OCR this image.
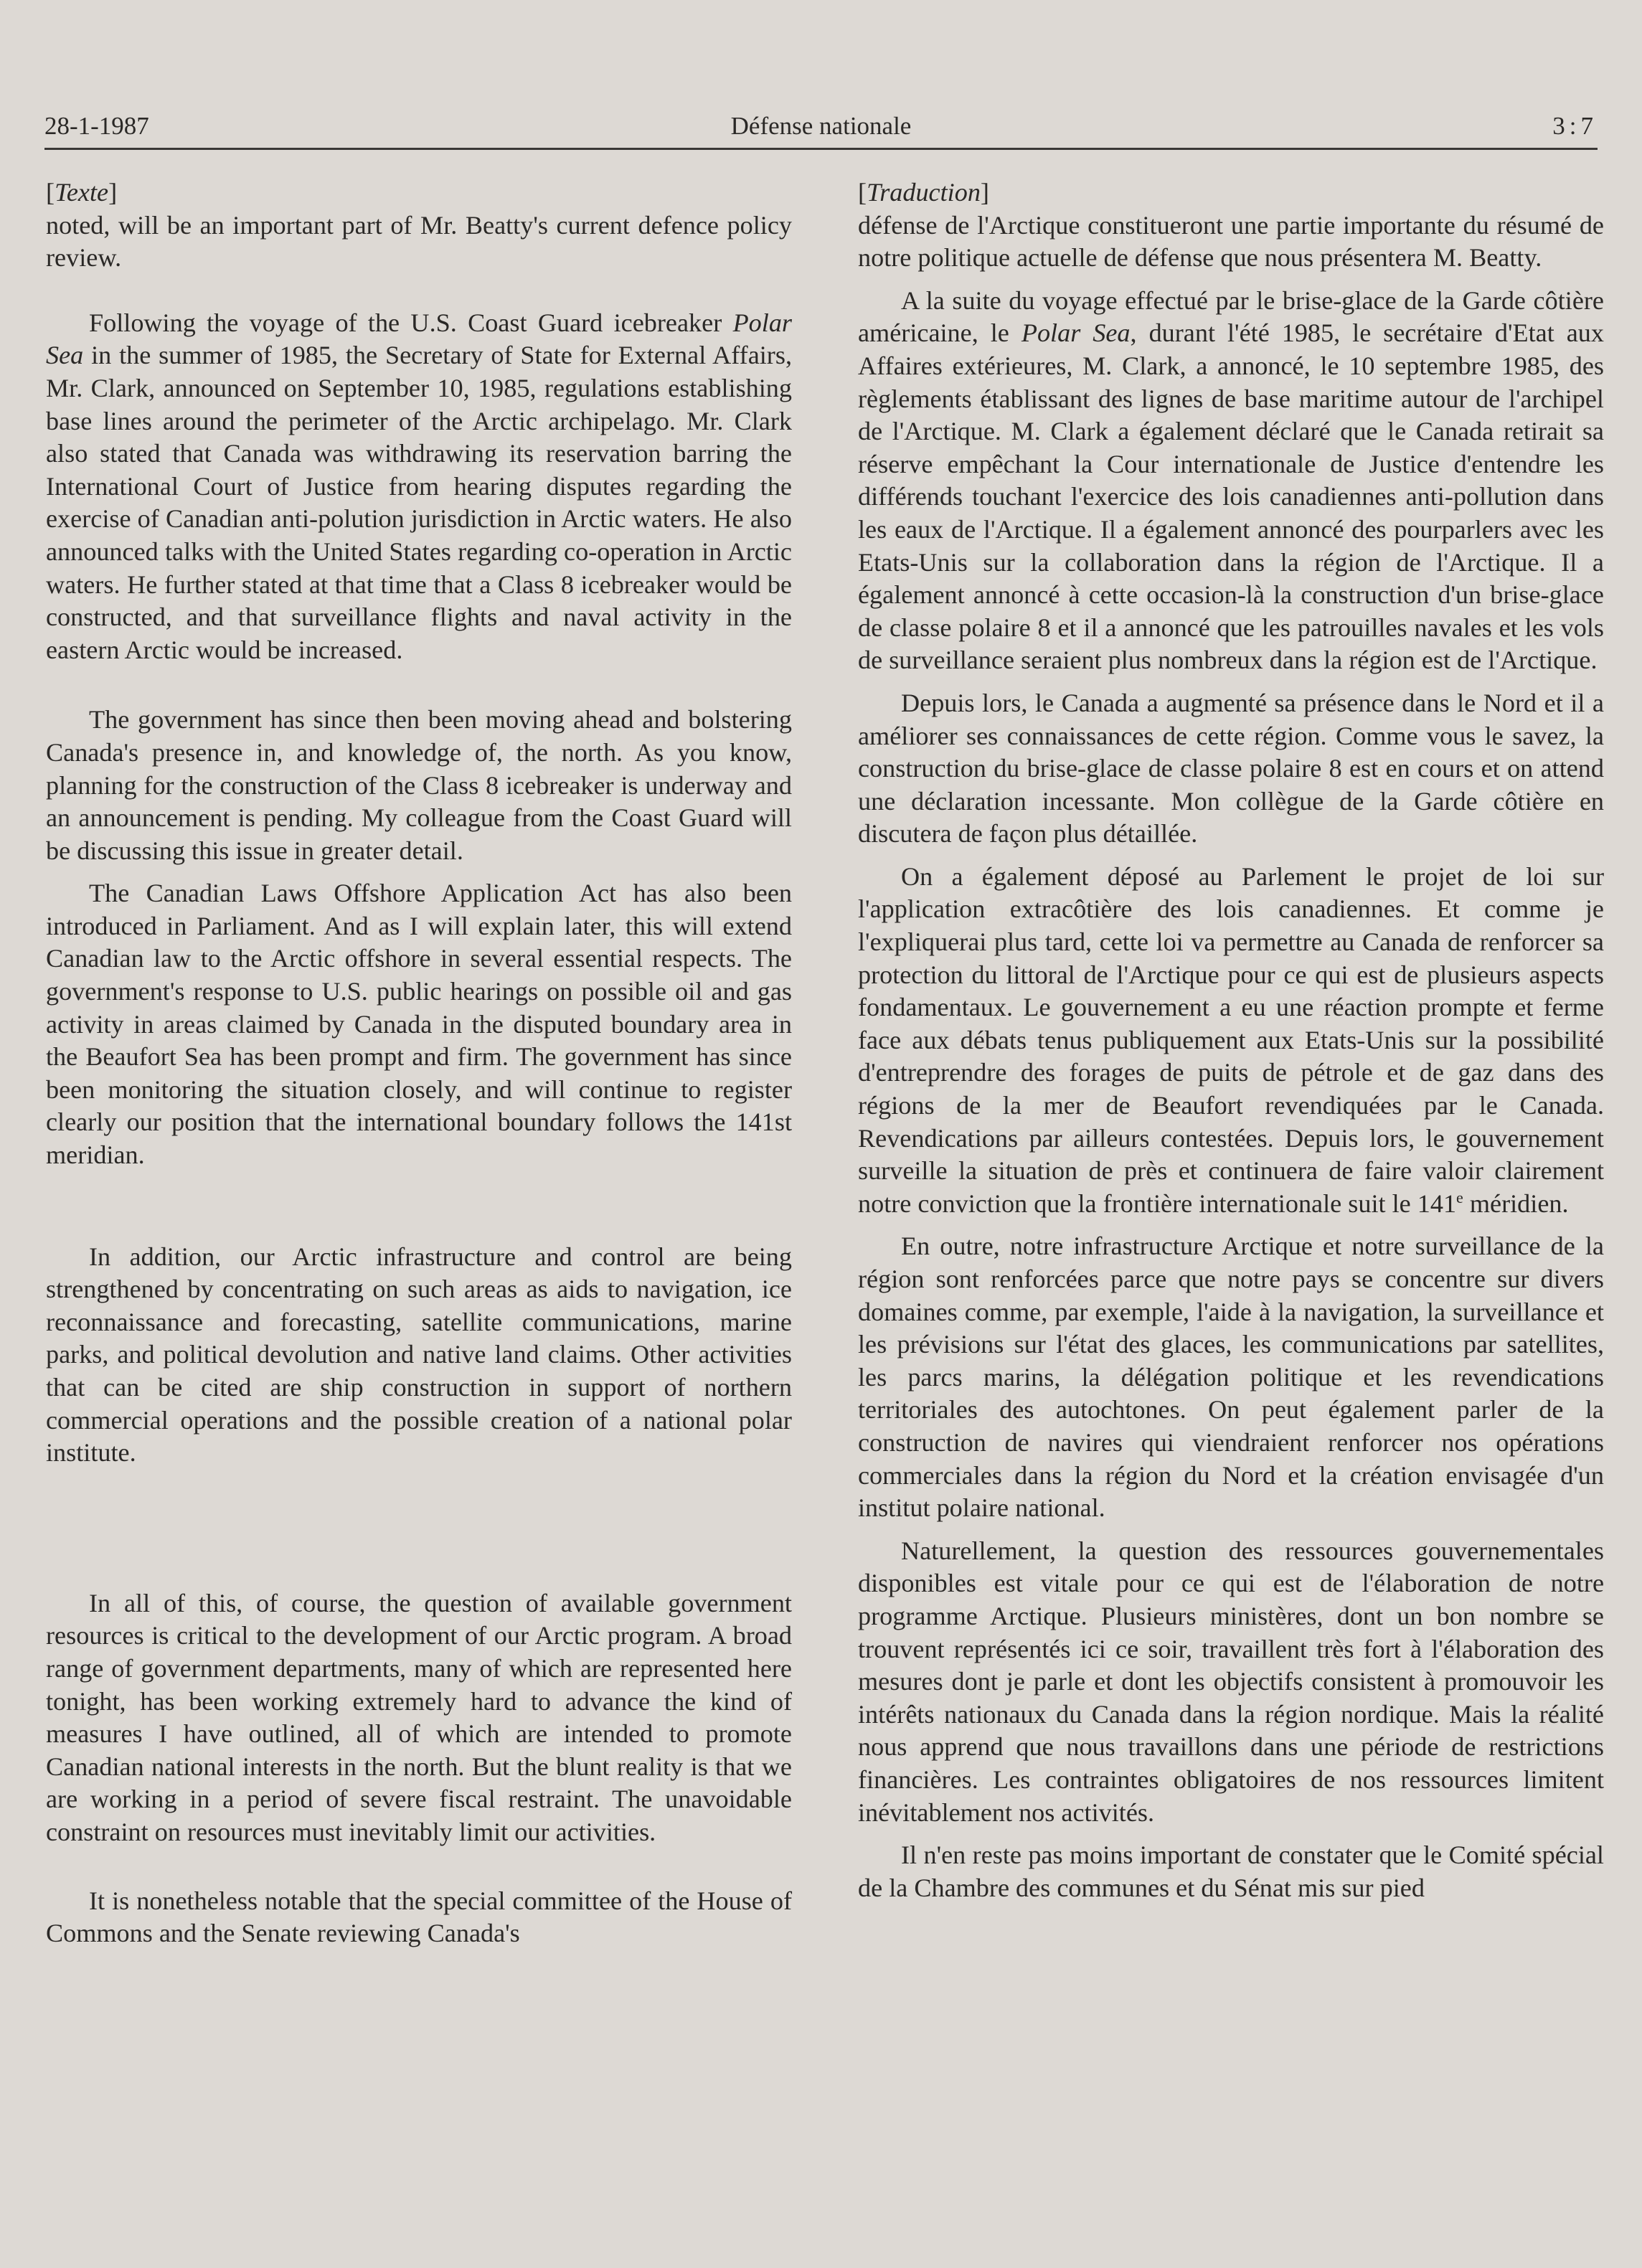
28-1-1987	Défense nationale	3:7
[Texte]

noted, will be an important part of Mr. Beatty's current defence policy review.

Following the voyage of the U.S. Coast Guard icebreaker Polar Sea in the summer of 1985, the Secretary of State for External Affairs, Mr. Clark, announced on September 10, 1985, regulations establishing base lines around the perimeter of the Arctic archipelago. Mr. Clark also stated that Canada was withdrawing its reservation barring the International Court of Justice from hearing disputes regarding the exercise of Canadian anti-polution jurisdiction in Arctic waters. He also announced talks with the United States regarding co-operation in Arctic waters. He further stated at that time that a Class 8 icebreaker would be constructed, and that surveillance flights and naval activity in the eastern Arctic would be increased.

The government has since then been moving ahead and bolstering Canada's presence in, and knowledge of, the north. As you know, planning for the construction of the Class 8 icebreaker is underway and an announcement is pending. My colleague from the Coast Guard will be discussing this issue in greater detail.

The Canadian Laws Offshore Application Act has also been introduced in Parliament. And as I will explain later, this will extend Canadian law to the Arctic offshore in several essential respects. The government's response to U.S. public hearings on possible oil and gas activity in areas claimed by Canada in the disputed boundary area in the Beaufort Sea has been prompt and firm. The government has since been monitoring the situation closely, and will continue to register clearly our position that the international boundary follows the 141st meridian.

In addition, our Arctic infrastructure and control are being strengthened by concentrating on such areas as aids to navigation, ice reconnaissance and forecasting, satellite communications, marine parks, and political devolution and native land claims. Other activities that can be cited are ship construction in support of northern commercial operations and the possible creation of a national polar institute.

In all of this, of course, the question of available government resources is critical to the development of our Arctic program. A broad range of government departments, many of which are represented here tonight, has been working extremely hard to advance the kind of measures I have outlined, all of which are intended to promote Canadian national interests in the north. But the blunt reality is that we are working in a period of severe fiscal restraint. The unavoidable constraint on resources must inevitably limit our activities.

It is nonetheless notable that the special committee of the House of Commons and the Senate reviewing Canada's

[Traduction]

défense de l'Arctique constitueront une partie importante du résumé de notre politique actuelle de défense que nous présentera M. Beatty.

A la suite du voyage effectué par le brise-glace de la Garde côtière américaine, le Polar Sea, durant l'été 1985, le secrétaire d'Etat aux Affaires extérieures, M. Clark, a annoncé, le 10 septembre 1985, des règlements établissant des lignes de base maritime autour de l'archipel de l'Arctique. M. Clark a également déclaré que le Canada retirait sa réserve empêchant la Cour internationale de Justice d'entendre les différends touchant l'exercice des lois canadiennes anti-pollution dans les eaux de l'Arctique. Il a également annoncé des pourparlers avec les Etats-Unis sur la collaboration dans la région de l'Arctique. Il a également annoncé à cette occasion-là la construction d'un brise-glace de classe polaire 8 et il a annoncé que les patrouilles navales et les vols de surveillance seraient plus nombreux dans la région est de l'Arctique.

Depuis lors, le Canada a augmenté sa présence dans le Nord et il a améliorer ses connaissances de cette région. Comme vous le savez, la construction du brise-glace de classe polaire 8 est en cours et on attend une déclaration incessante. Mon collègue de la Garde côtière en discutera de façon plus détaillée.

On a également déposé au Parlement le projet de loi sur l'application extracôtière des lois canadiennes. Et comme je l'expliquerai plus tard, cette loi va permettre au Canada de renforcer sa protection du littoral de l'Arctique pour ce qui est de plusieurs aspects fondamentaux. Le gouvernement a eu une réaction prompte et ferme face aux débats tenus publiquement aux Etats-Unis sur la possibilité d'entreprendre des forages de puits de pétrole et de gaz dans des régions de la mer de Beaufort revendiquées par le Canada. Revendications par ailleurs contestées. Depuis lors, le gouvernement surveille la situation de près et continuera de faire valoir clairement notre conviction que la frontière internationale suit le 141e méridien.

En outre, notre infrastructure Arctique et notre surveillance de la région sont renforcées parce que notre pays se concentre sur divers domaines comme, par exemple, l'aide à la navigation, la surveillance et les prévisions sur l'état des glaces, les communications par satellites, les parcs marins, la délégation politique et les revendications territoriales des autochtones. On peut également parler de la construction de navires qui viendraient renforcer nos opérations commerciales dans la région du Nord et la création envisagée d'un institut polaire national.

Naturellement, la question des ressources gouvernementales disponibles est vitale pour ce qui est de l'élaboration de notre programme Arctique. Plusieurs ministères, dont un bon nombre se trouvent représentés ici ce soir, travaillent très fort à l'élaboration des mesures dont je parle et dont les objectifs consistent à promouvoir les intérêts nationaux du Canada dans la région nordique. Mais la réalité nous apprend que nous travaillons dans une période de restrictions financières. Les contraintes obligatoires de nos ressources limitent inévitablement nos activités.

Il n'en reste pas moins important de constater que le Comité spécial de la Chambre des communes et du Sénat mis sur pied
